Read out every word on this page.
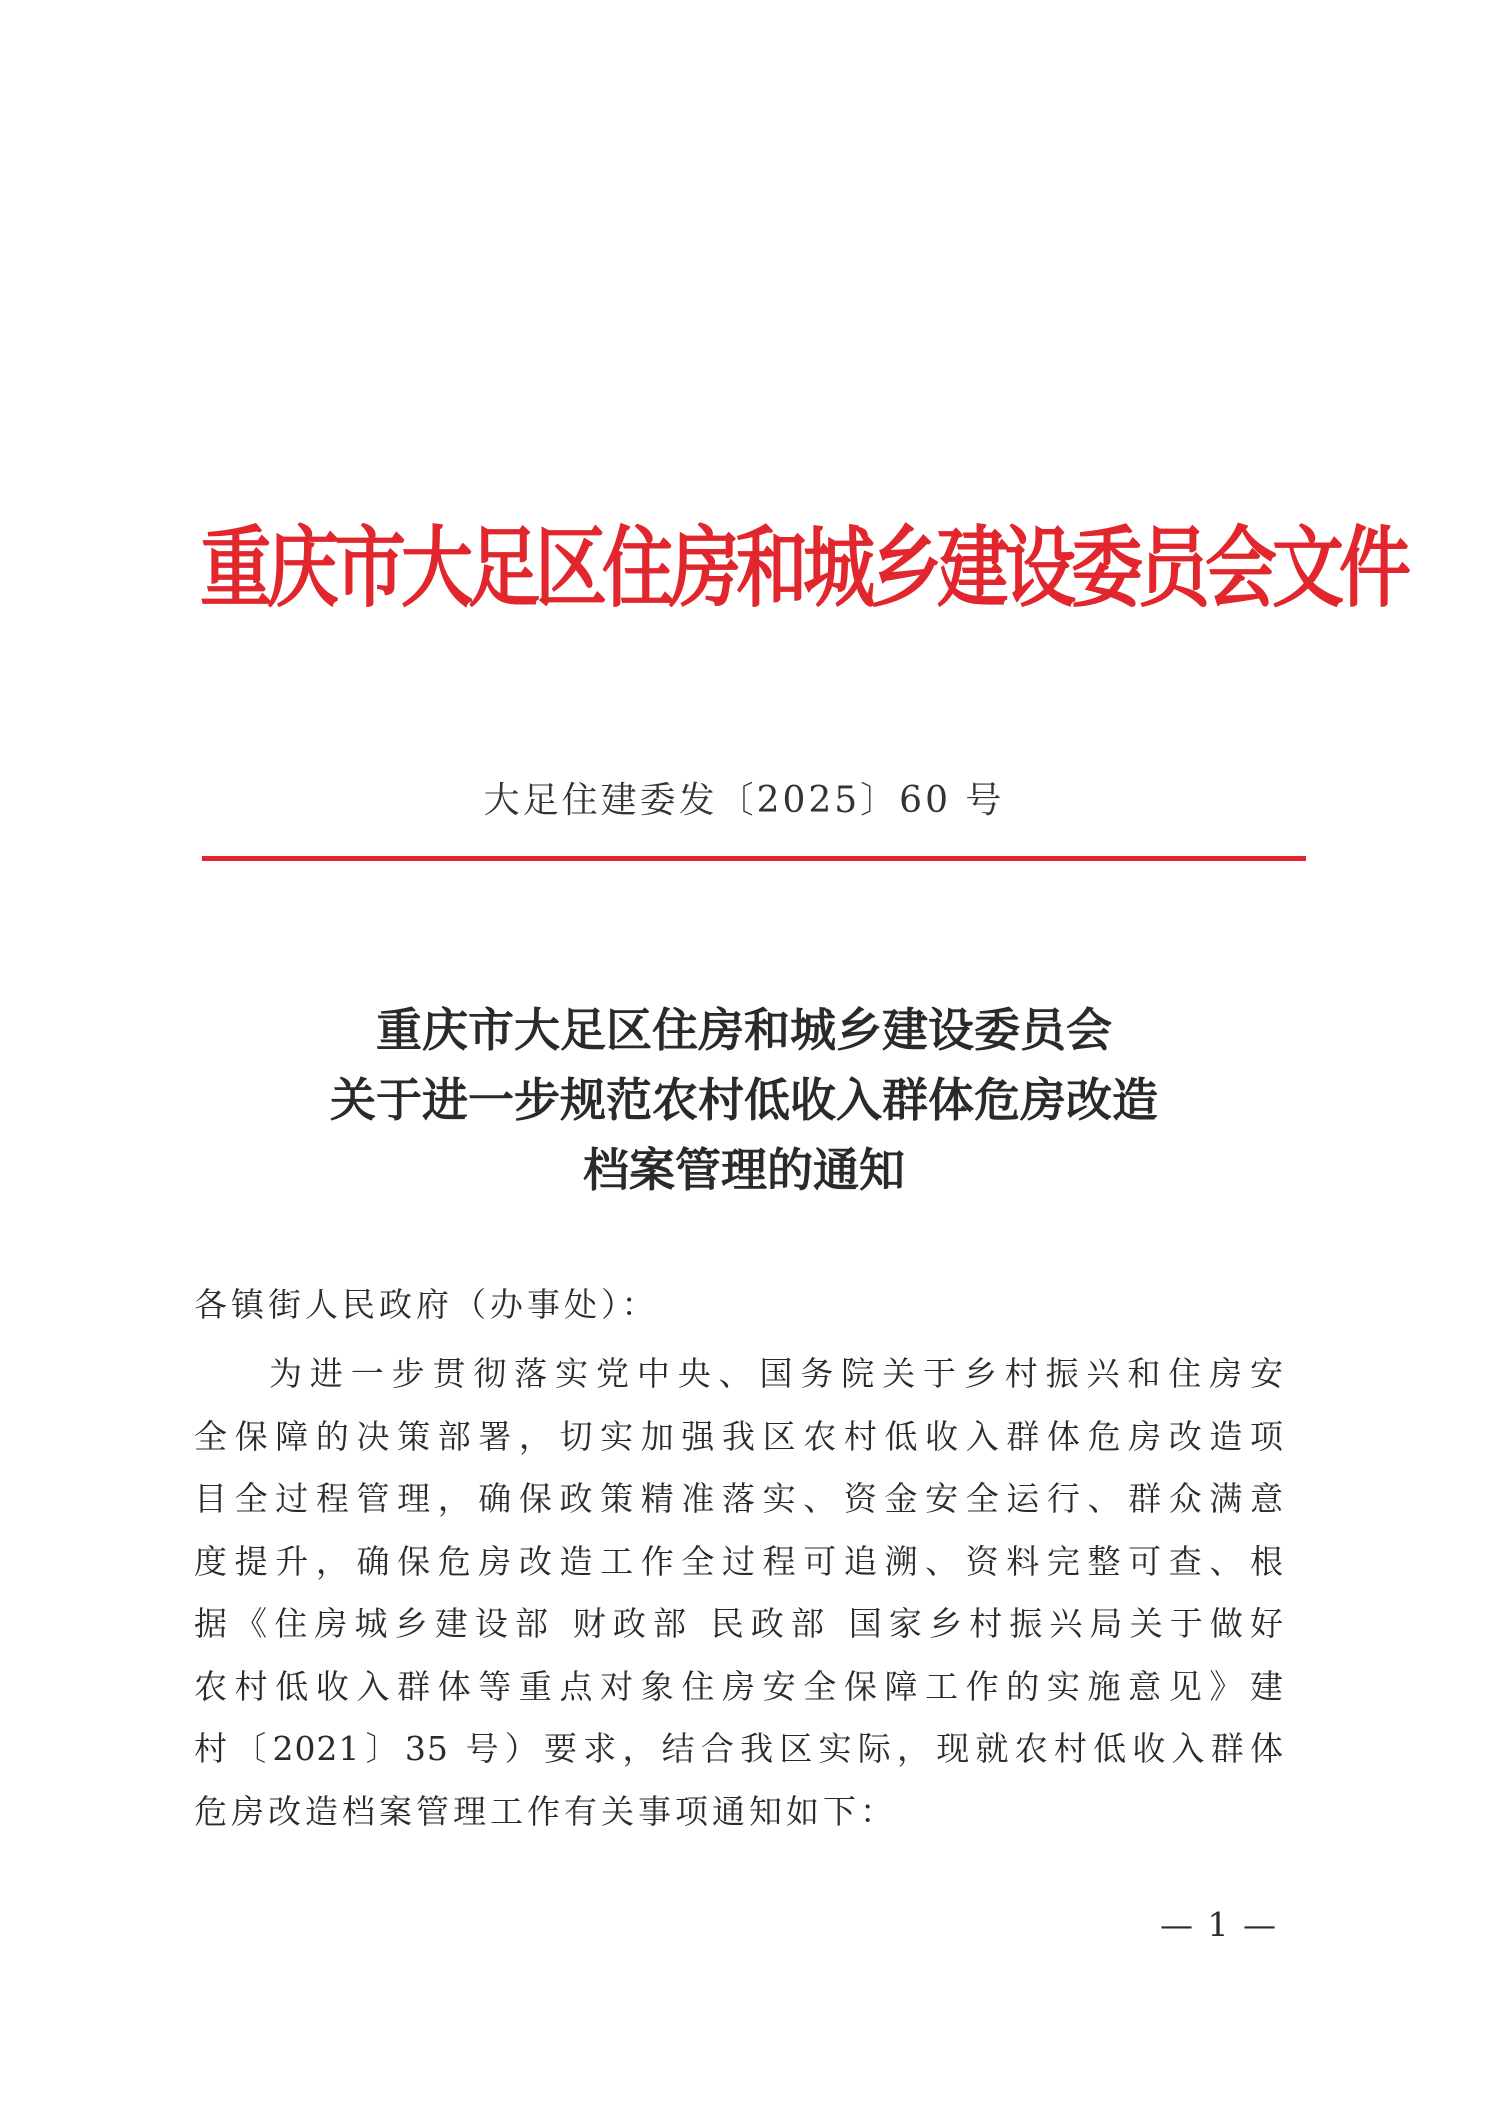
重庆市大足区住房和城乡建设委员会文件
大足住建委发〔2025〕60 号
重庆市大足区住房和城乡建设委员会
关于进一步规范农村低收入群体危房改造
档案管理的通知
各镇街人民政府（办事处）：
为进一步贯彻落实党中央、国务院关于乡村振兴和住房安
全保障的决策部署，切实加强我区农村低收入群体危房改造项
目全过程管理，确保政策精准落实、资金安全运行、群众满意
度提升，确保危房改造工作全过程可追溯、资料完整可查、根
据《住房城乡建设部 财政部 民政部 国家乡村振兴局关于做好
农村低收入群体等重点对象住房安全保障工作的实施意见》建
村〔2021〕35 号）要求，结合我区实际，现就农村低收入群体
危房改造档案管理工作有关事项通知如下：
— 1 —
